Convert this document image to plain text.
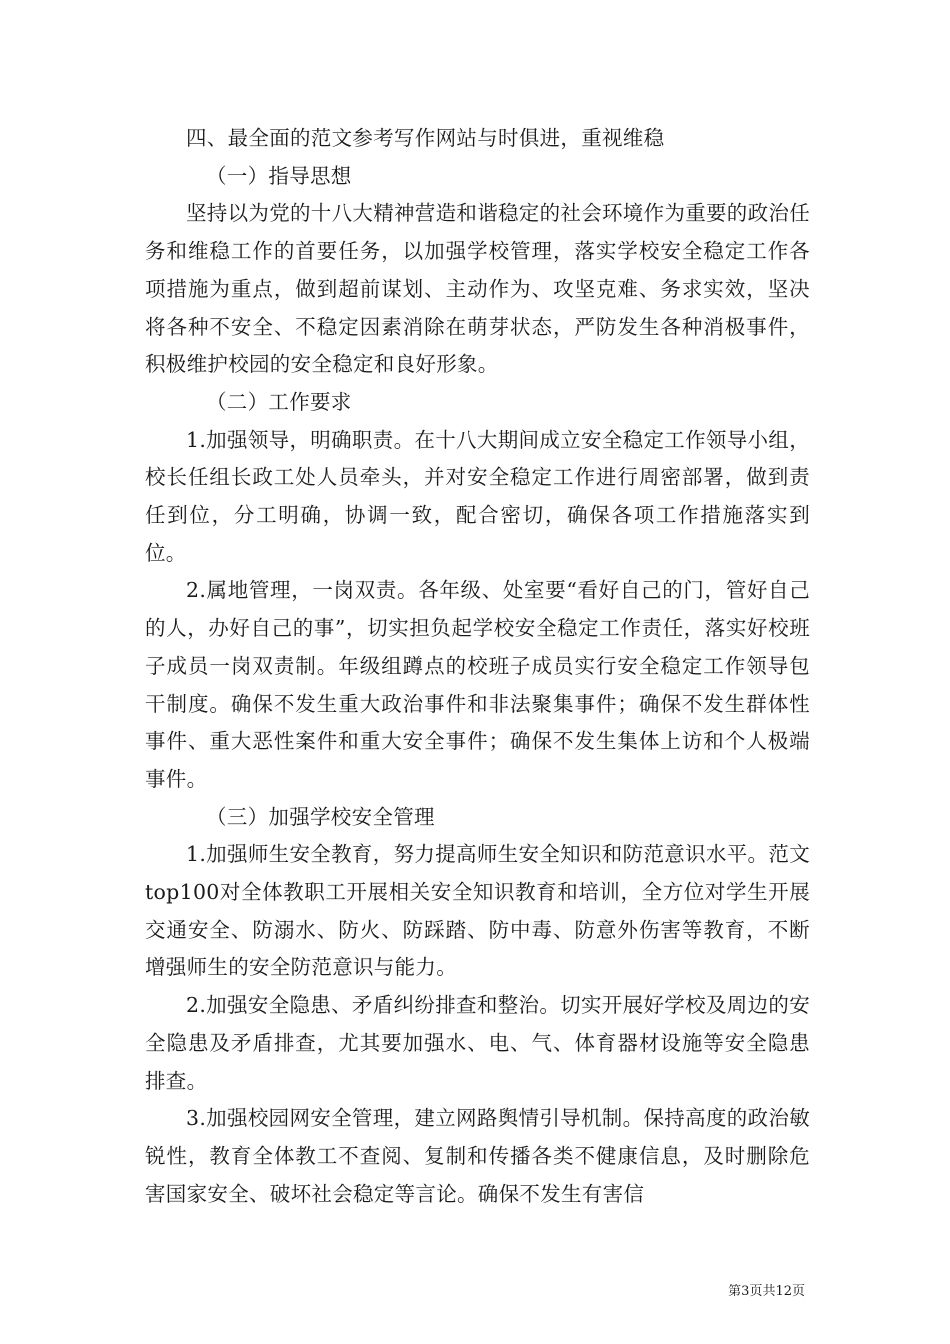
四、最全面的范文参考写作网站与时俱进，重视维稳

（一）指导思想

坚持以为党的十八大精神营造和谐稳定的社会环境作为重要的政治任务和维稳工作的首要任务，以加强学校管理，落实学校安全稳定工作各项措施为重点，做到超前谋划、主动作为、攻坚克难、务求实效，坚决将各种不安全、不稳定因素消除在萌芽状态，严防发生各种消极事件，积极维护校园的安全稳定和良好形象。

（二）工作要求

1.加强领导，明确职责。在十八大期间成立安全稳定工作领导小组，校长任组长政工处人员牵头，并对安全稳定工作进行周密部署，做到责任到位，分工明确，协调一致，配合密切，确保各项工作措施落实到位。

2.属地管理，一岗双责。各年级、处室要“看好自己的门，管好自己的人，办好自己的事”，切实担负起学校安全稳定工作责任，落实好校班子成员一岗双责制。年级组蹲点的校班子成员实行安全稳定工作领导包干制度。确保不发生重大政治事件和非法聚集事件；确保不发生群体性事件、重大恶性案件和重大安全事件；确保不发生集体上访和个人极端事件。

（三）加强学校安全管理

1.加强师生安全教育，努力提高师生安全知识和防范意识水平。范文top100对全体教职工开展相关安全知识教育和培训，全方位对学生开展交通安全、防溺水、防火、防踩踏、防中毒、防意外伤害等教育，不断增强师生的安全防范意识与能力。

2.加强安全隐患、矛盾纠纷排查和整治。切实开展好学校及周边的安全隐患及矛盾排查，尤其要加强水、电、气、体育器材设施等安全隐患排查。

3.加强校园网安全管理，建立网路舆情引导机制。保持高度的政治敏锐性，教育全体教工不查阅、复制和传播各类不健康信息，及时删除危害国家安全、破坏社会稳定等言论。确保不发生有害信

第3页共12页
